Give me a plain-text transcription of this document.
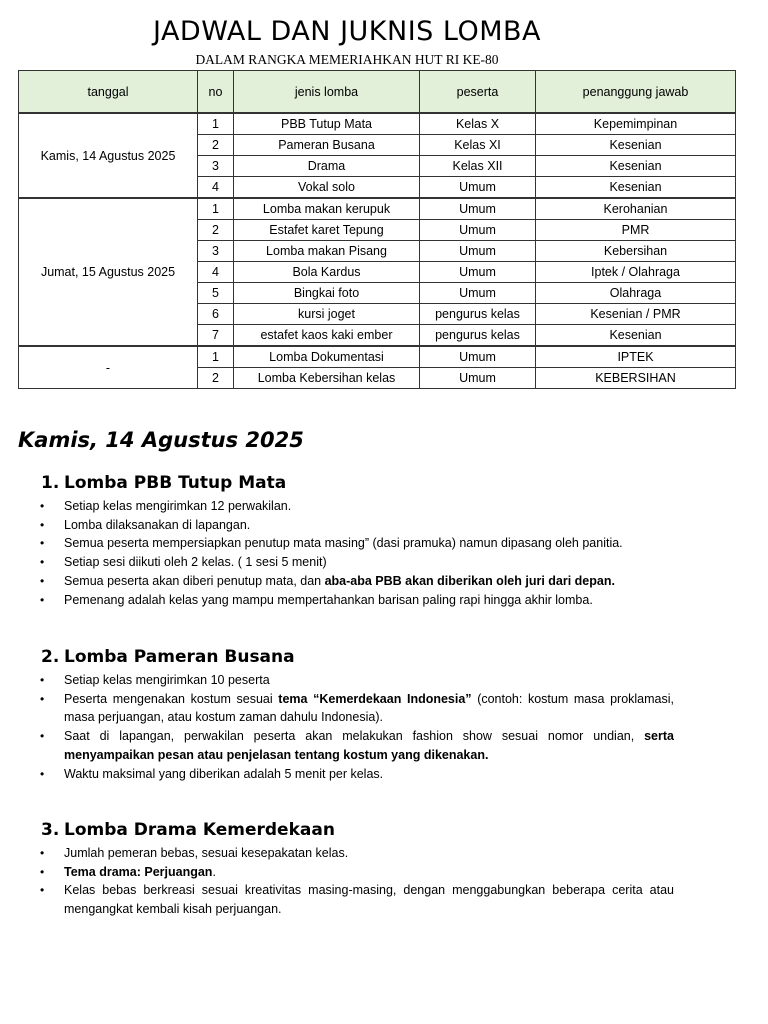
JADWAL DAN JUKNIS LOMBA
DALAM RANGKA MEMERIAHKAN HUT RI KE-80
tanggal	no	jenis lomba	peserta	penanggung jawab
Kamis, 14 Agustus 2025	1	PBB Tutup Mata	Kelas X	Kepemimpinan
	2	Pameran Busana	Kelas XI	Kesenian
	3	Drama	Kelas XII	Kesenian
	4	Vokal solo	Umum	Kesenian
Jumat, 15 Agustus 2025	1	Lomba makan kerupuk	Umum	Kerohanian
	2	Estafet karet Tepung	Umum	PMR
	3	Lomba makan Pisang	Umum	Kebersihan
	4	Bola Kardus	Umum	Iptek / Olahraga
	5	Bingkai foto	Umum	Olahraga
	6	kursi joget	pengurus kelas	Kesenian / PMR
	7	estafet kaos kaki ember	pengurus kelas	Kesenian
-	1	Lomba Dokumentasi	Umum	IPTEK
	2	Lomba Kebersihan kelas	Umum	KEBERSIHAN
Kamis, 14 Agustus 2025
1. Lomba PBB Tutup Mata
• Setiap kelas mengirimkan 12 perwakilan.
• Lomba dilaksanakan di lapangan.
• Semua peserta mempersiapkan penutup mata masing” (dasi pramuka) namun dipasang oleh panitia.
• Setiap sesi diikuti oleh 2 kelas. ( 1 sesi 5 menit)
• Semua peserta akan diberi penutup mata, dan aba-aba PBB akan diberikan oleh juri dari depan.
• Pemenang adalah kelas yang mampu mempertahankan barisan paling rapi hingga akhir lomba.
2. Lomba Pameran Busana
• Setiap kelas mengirimkan 10 peserta
• Peserta mengenakan kostum sesuai tema “Kemerdekaan Indonesia” (contoh: kostum masa proklamasi, masa perjuangan, atau kostum zaman dahulu Indonesia).
• Saat di lapangan, perwakilan peserta akan melakukan fashion show sesuai nomor undian, serta menyampaikan pesan atau penjelasan tentang kostum yang dikenakan.
• Waktu maksimal yang diberikan adalah 5 menit per kelas.
3. Lomba Drama Kemerdekaan
• Jumlah pemeran bebas, sesuai kesepakatan kelas.
• Tema drama: Perjuangan.
• Kelas bebas berkreasi sesuai kreativitas masing-masing, dengan menggabungkan beberapa cerita atau mengangkat kembali kisah perjuangan.
